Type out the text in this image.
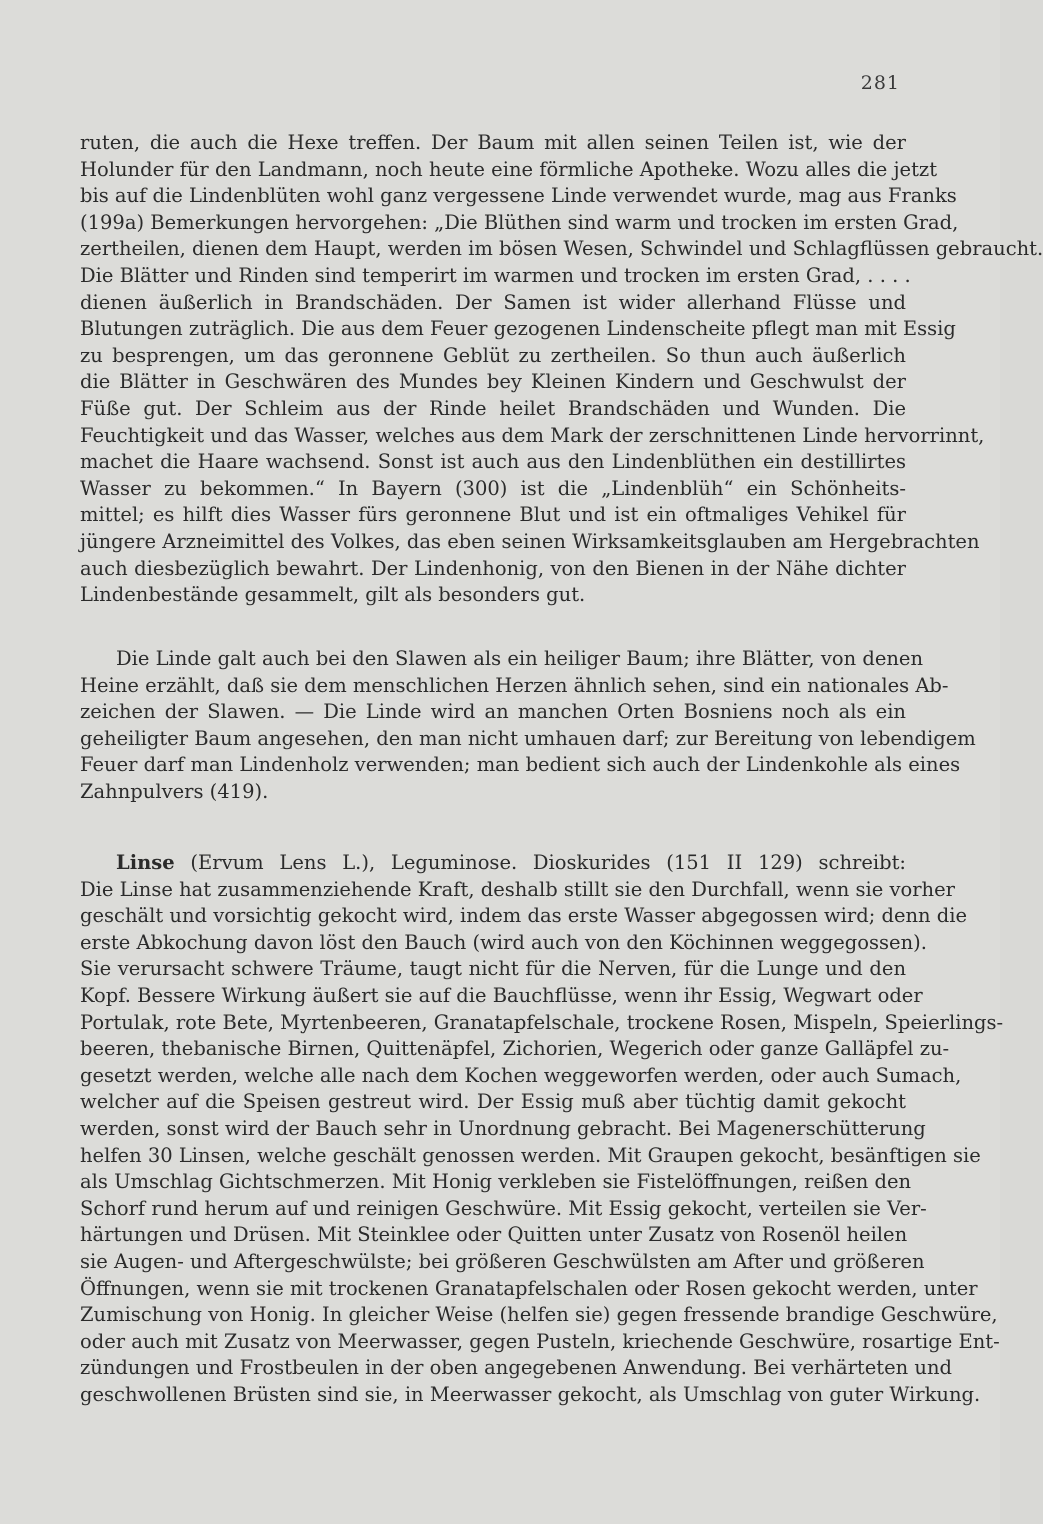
281
ruten, die auch die Hexe treffen. Der Baum mit allen seinen Teilen ist, wie der
Holunder für den Landmann, noch heute eine förmliche Apotheke. Wozu alles die jetzt
bis auf die Lindenblüten wohl ganz vergessene Linde verwendet wurde, mag aus Franks
(199a) Bemerkungen hervorgehen: „Die Blüthen sind warm und trocken im ersten Grad,
zertheilen, dienen dem Haupt, werden im bösen Wesen, Schwindel und Schlagflüssen gebraucht.
Die Blätter und Rinden sind temperirt im warmen und trocken im ersten Grad, . . . .
dienen äußerlich in Brandschäden. Der Samen ist wider allerhand Flüsse und
Blutungen zuträglich. Die aus dem Feuer gezogenen Lindenscheite pflegt man mit Essig
zu besprengen, um das geronnene Geblüt zu zertheilen. So thun auch äußerlich
die Blätter in Geschwären des Mundes bey Kleinen Kindern und Geschwulst der
Füße gut. Der Schleim aus der Rinde heilet Brandschäden und Wunden. Die
Feuchtigkeit und das Wasser, welches aus dem Mark der zerschnittenen Linde hervorrinnt,
machet die Haare wachsend. Sonst ist auch aus den Lindenblüthen ein destillirtes
Wasser zu bekommen.“ In Bayern (300) ist die „Lindenblüh“ ein Schönheits-
mittel; es hilft dies Wasser fürs geronnene Blut und ist ein oftmaliges Vehikel für
jüngere Arzneimittel des Volkes, das eben seinen Wirksamkeitsglauben am Hergebrachten
auch diesbezüglich bewahrt. Der Lindenhonig, von den Bienen in der Nähe dichter
Lindenbestände gesammelt, gilt als besonders gut.
Die Linde galt auch bei den Slawen als ein heiliger Baum; ihre Blätter, von denen
Heine erzählt, daß sie dem menschlichen Herzen ähnlich sehen, sind ein nationales Ab-
zeichen der Slawen. — Die Linde wird an manchen Orten Bosniens noch als ein
geheiligter Baum angesehen, den man nicht umhauen darf; zur Bereitung von lebendigem
Feuer darf man Lindenholz verwenden; man bedient sich auch der Lindenkohle als eines
Zahnpulvers (419).
Linse (Ervum Lens L.), Leguminose. Dioskurides (151 II 129) schreibt:
Die Linse hat zusammenziehende Kraft, deshalb stillt sie den Durchfall, wenn sie vorher
geschält und vorsichtig gekocht wird, indem das erste Wasser abgegossen wird; denn die
erste Abkochung davon löst den Bauch (wird auch von den Köchinnen weggegossen).
Sie verursacht schwere Träume, taugt nicht für die Nerven, für die Lunge und den
Kopf. Bessere Wirkung äußert sie auf die Bauchflüsse, wenn ihr Essig, Wegwart oder
Portulak, rote Bete, Myrtenbeeren, Granatapfelschale, trockene Rosen, Mispeln, Speierlings-
beeren, thebanische Birnen, Quittenäpfel, Zichorien, Wegerich oder ganze Galläpfel zu-
gesetzt werden, welche alle nach dem Kochen weggeworfen werden, oder auch Sumach,
welcher auf die Speisen gestreut wird. Der Essig muß aber tüchtig damit gekocht
werden, sonst wird der Bauch sehr in Unordnung gebracht. Bei Magenerschütterung
helfen 30 Linsen, welche geschält genossen werden. Mit Graupen gekocht, besänftigen sie
als Umschlag Gichtschmerzen. Mit Honig verkleben sie Fistelöffnungen, reißen den
Schorf rund herum auf und reinigen Geschwüre. Mit Essig gekocht, verteilen sie Ver-
härtungen und Drüsen. Mit Steinklee oder Quitten unter Zusatz von Rosenöl heilen
sie Augen- und Aftergeschwülste; bei größeren Geschwülsten am After und größeren
Öffnungen, wenn sie mit trockenen Granatapfelschalen oder Rosen gekocht werden, unter
Zumischung von Honig. In gleicher Weise (helfen sie) gegen fressende brandige Geschwüre,
oder auch mit Zusatz von Meerwasser, gegen Pusteln, kriechende Geschwüre, rosartige Ent-
zündungen und Frostbeulen in der oben angegebenen Anwendung. Bei verhärteten und
geschwollenen Brüsten sind sie, in Meerwasser gekocht, als Umschlag von guter Wirkung.
